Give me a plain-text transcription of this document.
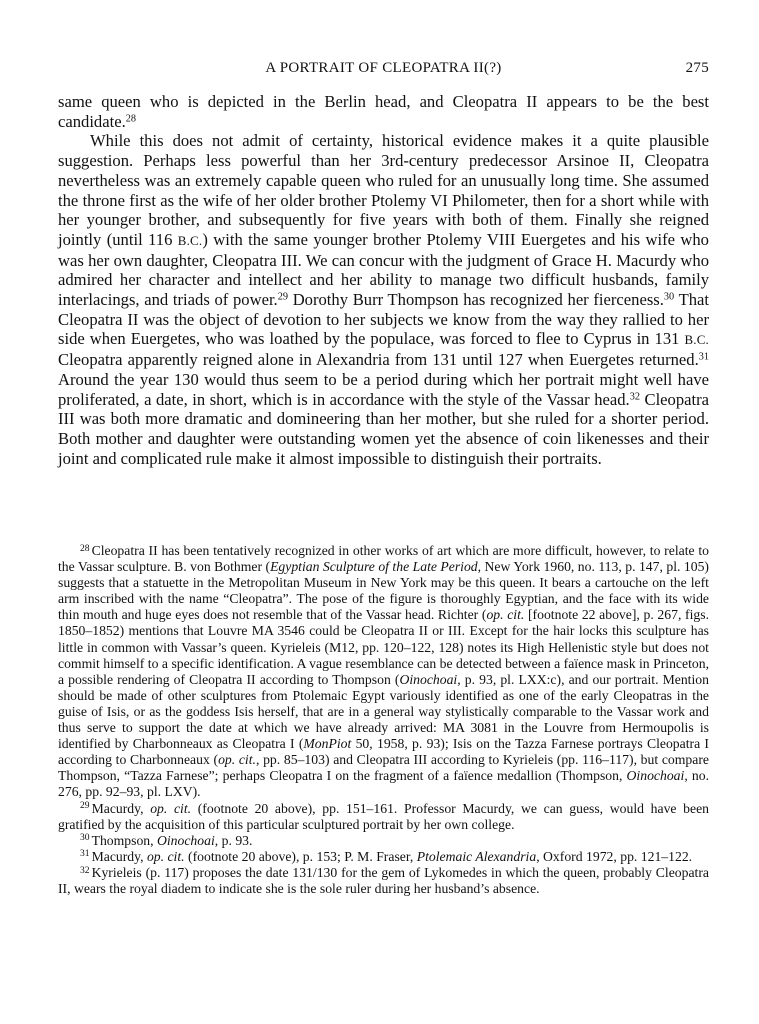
A PORTRAIT OF CLEOPATRA II(?)	275

same queen who is depicted in the Berlin head, and Cleopatra II appears to be the best candidate.$^{28}$

While this does not admit of certainty, historical evidence makes it a quite plausible suggestion. Perhaps less powerful than her 3rd-century predecessor Arsinoe II, Cleopatra nevertheless was an extremely capable queen who ruled for an unusually long time. She assumed the throne first as the wife of her older brother Ptolemy VI Philometer, then for a short while with her younger brother, and subsequently for five years with both of them. Finally she reigned jointly (until 116 B.C.) with the same younger brother Ptolemy VIII Euergetes and his wife who was her own daughter, Cleopatra III. We can concur with the judgment of Grace H. Macurdy who admired her character and intellect and her ability to manage two difficult husbands, family interlacings, and triads of power.$^{29}$ Dorothy Burr Thompson has recognized her fierceness.$^{30}$ That Cleopatra II was the object of devotion to her subjects we know from the way they rallied to her side when Euergetes, who was loathed by the populace, was forced to flee to Cyprus in 131 B.C. Cleopatra apparently reigned alone in Alexandria from 131 until 127 when Euergetes returned.$^{31}$ Around the year 130 would thus seem to be a period during which her portrait might well have proliferated, a date, in short, which is in accordance with the style of the Vassar head.$^{32}$ Cleopatra III was both more dramatic and domineering than her mother, but she ruled for a shorter period. Both mother and daughter were outstanding women yet the absence of coin likenesses and their joint and complicated rule make it almost impossible to distinguish their portraits.

$^{28}$ Cleopatra II has been tentatively recognized in other works of art which are more difficult, however, to relate to the Vassar sculpture. B. von Bothmer (Egyptian Sculpture of the Late Period, New York 1960, no. 113, p. 147, pl. 105) suggests that a statuette in the Metropolitan Museum in New York may be this queen. It bears a cartouche on the left arm inscribed with the name “Cleopatra”. The pose of the figure is thoroughly Egyptian, and the face with its wide thin mouth and huge eyes does not resemble that of the Vassar head. Richter (op. cit. [footnote 22 above], p. 267, figs. 1850–1852) mentions that Louvre MA 3546 could be Cleopatra II or III. Except for the hair locks this sculpture has little in common with Vassar’s queen. Kyrieleis (M12, pp. 120–122, 128) notes its High Hellenistic style but does not commit himself to a specific identification. A vague resemblance can be detected between a faïence mask in Princeton, a possible rendering of Cleopatra II according to Thompson (Oinochoai, p. 93, pl. LXX:c), and our portrait. Mention should be made of other sculptures from Ptolemaic Egypt variously identified as one of the early Cleopatras in the guise of Isis, or as the goddess Isis herself, that are in a general way stylistically comparable to the Vassar work and thus serve to support the date at which we have already arrived: MA 3081 in the Louvre from Hermoupolis is identified by Charbonneaux as Cleopatra I (MonPiot 50, 1958, p. 93); Isis on the Tazza Farnese portrays Cleopatra I according to Charbonneaux (op. cit., pp. 85–103) and Cleopatra III according to Kyrieleis (pp. 116–117), but compare Thompson, “Tazza Farnese”; perhaps Cleopatra I on the fragment of a faïence medallion (Thompson, Oinochoai, no. 276, pp. 92–93, pl. LXV).

$^{29}$ Macurdy, op. cit. (footnote 20 above), pp. 151–161. Professor Macurdy, we can guess, would have been gratified by the acquisition of this particular sculptured portrait by her own college.

$^{30}$ Thompson, Oinochoai, p. 93.

$^{31}$ Macurdy, op. cit. (footnote 20 above), p. 153; P. M. Fraser, Ptolemaic Alexandria, Oxford 1972, pp. 121–122.

$^{32}$ Kyrieleis (p. 117) proposes the date 131/130 for the gem of Lykomedes in which the queen, probably Cleopatra II, wears the royal diadem to indicate she is the sole ruler during her husband’s absence.
